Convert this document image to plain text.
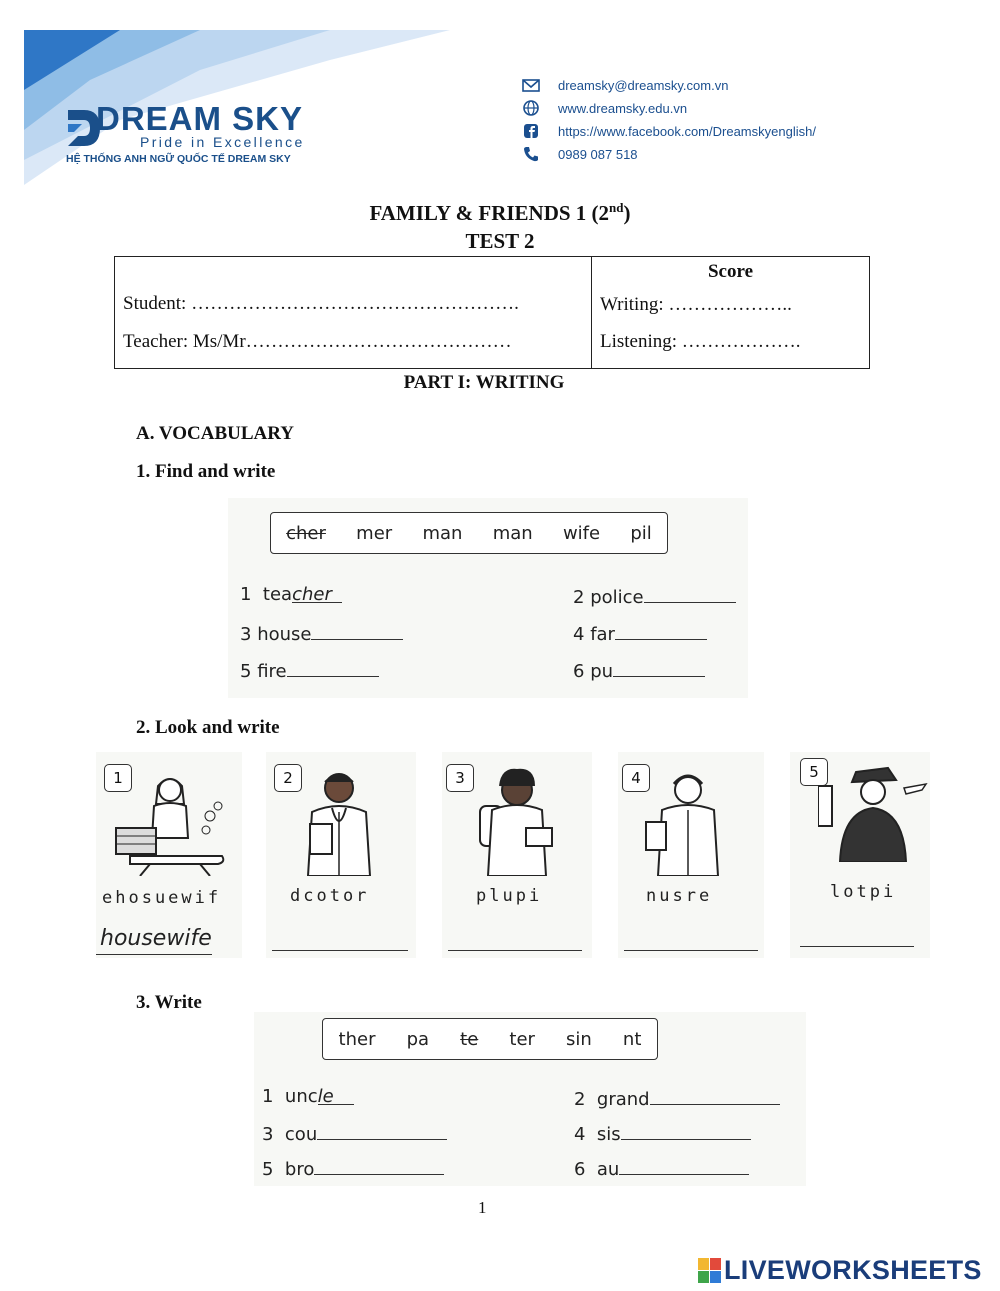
DREAM SKY
Pride in Excellence
HỆ THỐNG ANH NGỮ QUỐC TẾ DREAM SKY
dreamsky@dreamsky.com.vn
www.dreamsky.edu.vn
https://www.facebook.com/Dreamskyenglish/
0989 087 518
FAMILY & FRIENDS 1 (2nd)
TEST 2
Student: …………………………………………….
Teacher: Ms/Mr……………………………………
	Score
Writing: ………………..
Listening: ……………….
PART I: WRITING
A. VOCABULARY
1. Find and write
cher mer man man wife pil
1 teacher	2 police
3 house	4 far
5 fire	6 pu
2. Look and write
1
ehosuewif
housewife
2
dcotor
3
plupi
4
nusre
5
lotpi
3. Write
ther pa te ter sin nt
1 uncle	2 grand
3 cou	4 sis
5 bro	6 au
1
LIVEWORKSHEETS
